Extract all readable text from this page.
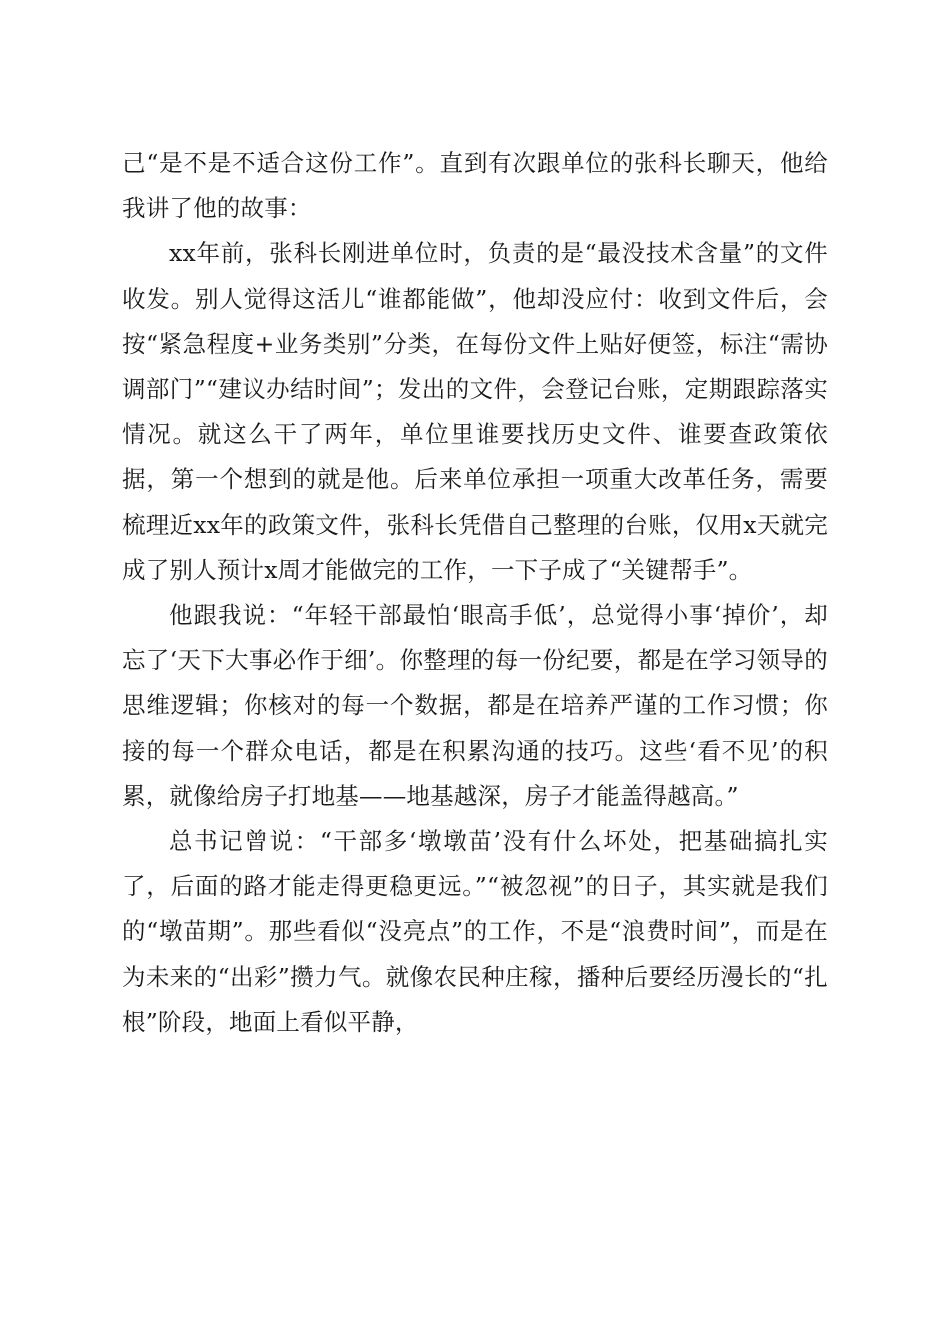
己“是不是不适合这份工作”。直到有次跟单位的张科长聊天，他给我讲了他的故事：

xx年前，张科长刚进单位时，负责的是“最没技术含量”的文件收发。别人觉得这活儿“谁都能做”，他却没应付：收到文件后，会按“紧急程度+业务类别”分类，在每份文件上贴好便签，标注“需协调部门”“建议办结时间”；发出的文件，会登记台账，定期跟踪落实情况。就这么干了两年，单位里谁要找历史文件、谁要查政策依据，第一个想到的就是他。后来单位承担一项重大改革任务，需要梳理近xx年的政策文件，张科长凭借自己整理的台账，仅用x天就完成了别人预计x周才能做完的工作，一下子成了“关键帮手”。

他跟我说：“年轻干部最怕‘眼高手低’，总觉得小事‘掉价’，却忘了‘天下大事必作于细’。你整理的每一份纪要，都是在学习领导的思维逻辑；你核对的每一个数据，都是在培养严谨的工作习惯；你接的每一个群众电话，都是在积累沟通的技巧。这些‘看不见’的积累，就像给房子打地基——地基越深，房子才能盖得越高。”

总书记曾说：“干部多‘墩墩苗’没有什么坏处，把基础搞扎实了，后面的路才能走得更稳更远。”“被忽视”的日子，其实就是我们的“墩苗期”。那些看似“没亮点”的工作，不是“浪费时间”，而是在为未来的“出彩”攒力气。就像农民种庄稼，播种后要经历漫长的“扎根”阶段，地面上看似平静，
